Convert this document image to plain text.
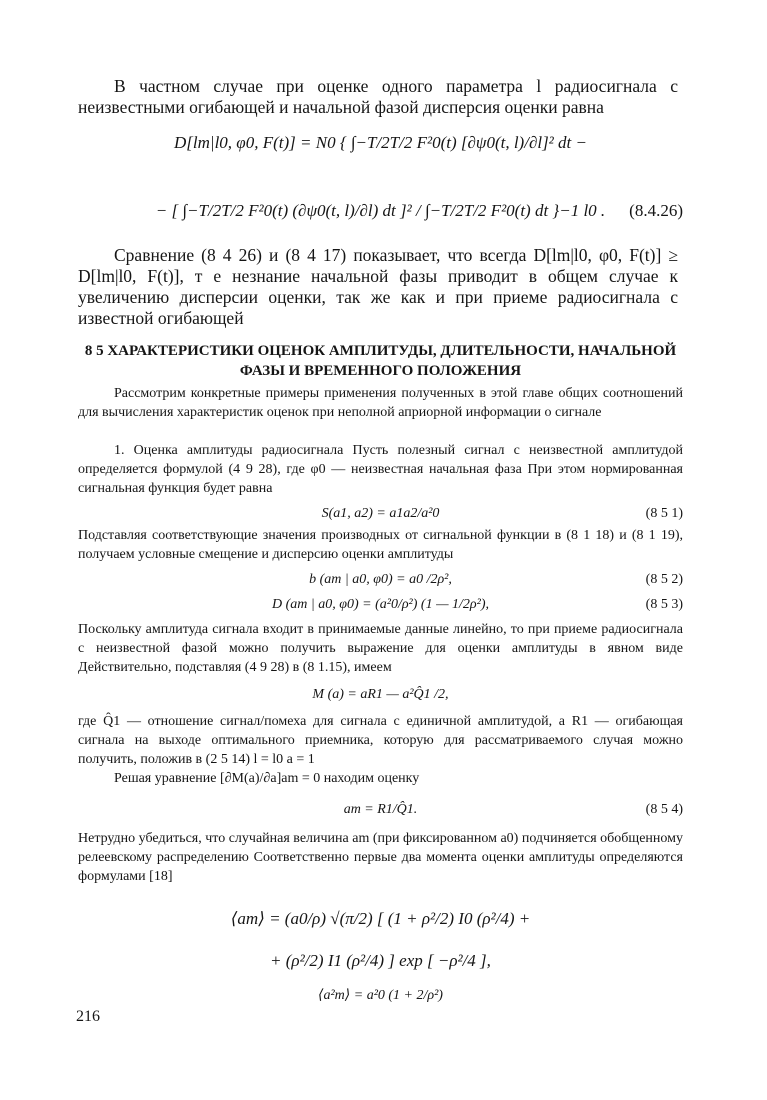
В частном случае при оценке одного параметра l радиосигнала с неизвестными огибающей и начальной фазой дисперсия оценки равна

D[lm|l0, φ0, F(t)] = N0 { ∫−T/2T/2 F²0(t) [∂ψ0(t, l)/∂l]² dt −
− [ ∫−T/2T/2 F²0(t) (∂ψ0(t, l)/∂l) dt ]² / ∫−T/2T/2 F²0(t) dt }−1 l0 . (8.4.26)

Сравнение (8 4 26) и (8 4 17) показывает, что всегда D[lm|l0, φ0, F(t)] ≥ D[lm|l0, F(t)], т е незнание начальной фазы приводит в общем случае к увеличению дисперсии оценки, так же как и при приеме радиосигнала с известной огибающей

8 5 ХАРАКТЕРИСТИКИ ОЦЕНОК АМПЛИТУДЫ, ДЛИТЕЛЬНОСТИ, НАЧАЛЬНОЙ ФАЗЫ И ВРЕМЕННОГО ПОЛОЖЕНИЯ

Рассмотрим конкретные примеры применения полученных в этой главе общих соотношений для вычисления характеристик оценок при неполной априорной информации о сигнале

1. Оценка амплитуды радиосигнала Пусть полезный сигнал с неизвестной амплитудой определяется формулой (4 9 28), где φ0 — неизвестная начальная фаза При этом нормированная сигнальная функция будет равна

S(a1, a2) = a1a2/a²0	(8 5 1)

Подставляя соответствующие значения производных от сигнальной функции в (8 1 18) и (8 1 19), получаем условные смещение и дисперсию оценки амплитуды

b (am | a0, φ0) = a0 /2ρ²,	(8 5 2)
D (am | a0, φ0) = (a²0/ρ²) (1 — 1/2ρ²),	(8 5 3)

Поскольку амплитуда сигнала входит в принимаемые данные линейно, то при приеме радиосигнала с неизвестной фазой можно получить выражение для оценки амплитуды в явном виде Действительно, подставляя (4 9 28) в (8 1.15), имеем

M (a) = aR1 — a²Q̂1 /2,

где Q̂1 — отношение сигнал/помеха для сигнала с единичной амплитудой, а R1 — огибающая сигнала на выходе оптимального приемника, которую для рассматриваемого случая можно получить, положив в (2 5 14) l = l0 a = 1

Решая уравнение [∂M(a)/∂a]am = 0 находим оценку

am = R1/Q̂1.	(8 5 4)

Нетрудно убедиться, что случайная величина am (при фиксированном a0) подчиняется обобщенному релеевскому распределению Соответственно первые два момента оценки амплитуды определяются формулами [18]

⟨am⟩ = (a0/ρ) √(π/2) [ (1 + ρ²/2) I0 (ρ²/4) +
+ (ρ²/2) I1 (ρ²/4) ] exp [ −ρ²/4 ],
⟨a²m⟩ = a²0 (1 + 2/ρ²)
216
